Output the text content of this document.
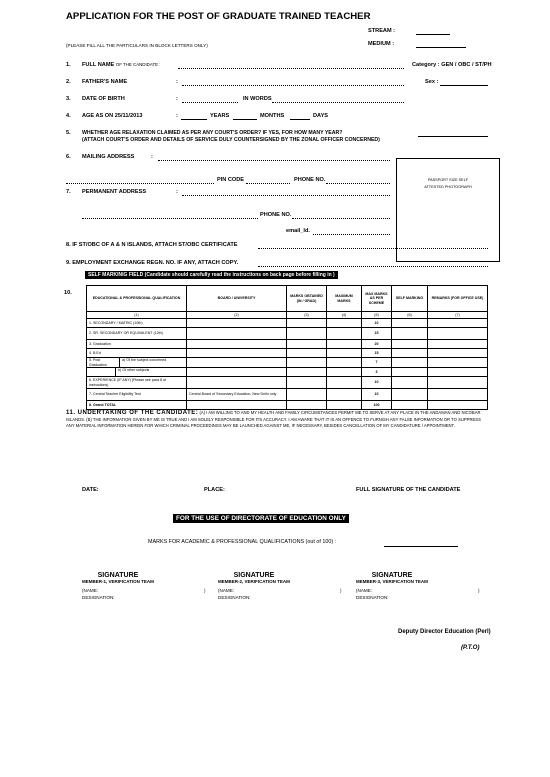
APPLICATION FOR THE POST OF GRADUATE TRAINED TEACHER
STREAM :
(PLEASE FILL ALL THE PARTICULARS IN BLOCK LETTERS ONLY)	MEDIUM :
1. FULL NAME OF THE CANDIDATE :	Category : GEN / OBC / ST/PH
2. FATHER'S NAME	:	Sex :
3. DATE OF BIRTH	:	IN WORDS
4. AGE AS ON 25/11/2013	:	YEARS	MONTHS	DAYS
5. WHETHER AGE RELAXATION CLAIMED AS PER ANY COURT'S ORDER? IF YES, FOR HOW MANY YEAR?
(ATTACH COURT'S ORDER AND DETAILS OF SERVICE DULY COUNTERSIGNED BY THE ZONAL OFFICER CONCERNED)
6. MAILING ADDRESS	:
PIN CODE	PHONE NO.	PASSPORT SIZE SELF
ATTESTED PHOTOGRAPH
7. PERMANENT ADDRESS	:
PHONE NO.
email_Id.
8. IF ST/OBC OF A & N ISLANDS, ATTACH ST/OBC CERTIFICATE
9. EMPLOYMENT EXCHANGE REGN. NO. IF ANY, ATTACH COPY.
SELF MARKINIG FIELD (Candidate should carefully read the instructions on back page before filling in )
10.
EDUCATIONAL & PROFESSIONAL QUALIFICATION	BOARD / UNIVERSITY	MARKS OBTAINED (IN / GRAD)	MAXIMUM MARKS	MAX MARKS AS PER SCHEME	SELF MARKING	REMARKS (FOR OFFICE USE)
(1)	(2)	(3)	(4)	(5)	(6)	(7)
1. SECONDARY / MATRIC (10th)				10		
2. SR. SECONDARY OR EQUIVALENT (12th)				15		
3. Graduation				20		
4. B.Ed				15		

5. Post Graduation
a) Of the subject concerned				7		

b) Of other subjects				3		
6. EXPERIENCE (IF ANY) (Please see para 8 of instructions)				10		
7. Central Teacher Eligibility Test	Central Board of Secondary Education, New Delhi only			10		
8. Grand TOTAL				100		
11. UNDERTAKING OF THE CANDIDATE: (A) I AM WILLING TO AND MY HEALTH AND FAMILY CIRCUMSTANCES PERMIT ME TO SERVE AT ANY PLACE IN THE ANDAMAN AND NICOBAR ISLANDS. (B) THE INFORMATION GIVEN BY ME IS TRUE AND I AM SOLELY RESPONSIBLE FOR ITS ACCURACY. I AM AWARE THAT IT IS AN OFFENCE TO FURNISH ANY FALSE INFORMATION OR TO SUPPRESS ANY MATERIAL INFORMATION HEREIN FOR WHICH CRIMINAL PROCEEDINGS MAY BE LAUNCHED AGAINST ME, IF NECESSARY, BESIDES CANCELLATION OF MY CANDIDATURE / APPOINTMENT.
DATE:	PLACE:	FULL SIGNATURE OF THE CANDIDATE
FOR THE USE OF DIRECTORATE OF EDUCATION ONLY
MARKS FOR ACADEMIC & PROFESSIONAL QUALIFICATIONS (out of 100) :
SIGNATURE
MEMBER-1, VERIFICATION TEAM
(NAME:	)
DESIGNATION:
SIGNATURE
MEMBER-2, VERIFICATION TEAM
(NAME:	)
DESIGNATION:
SIGNATURE
MEMBER-3, VERIFICATION TEAM
(NAME:	)
DESIGNATION:
Deputy Director Education (Perl)
(P.T.O)
